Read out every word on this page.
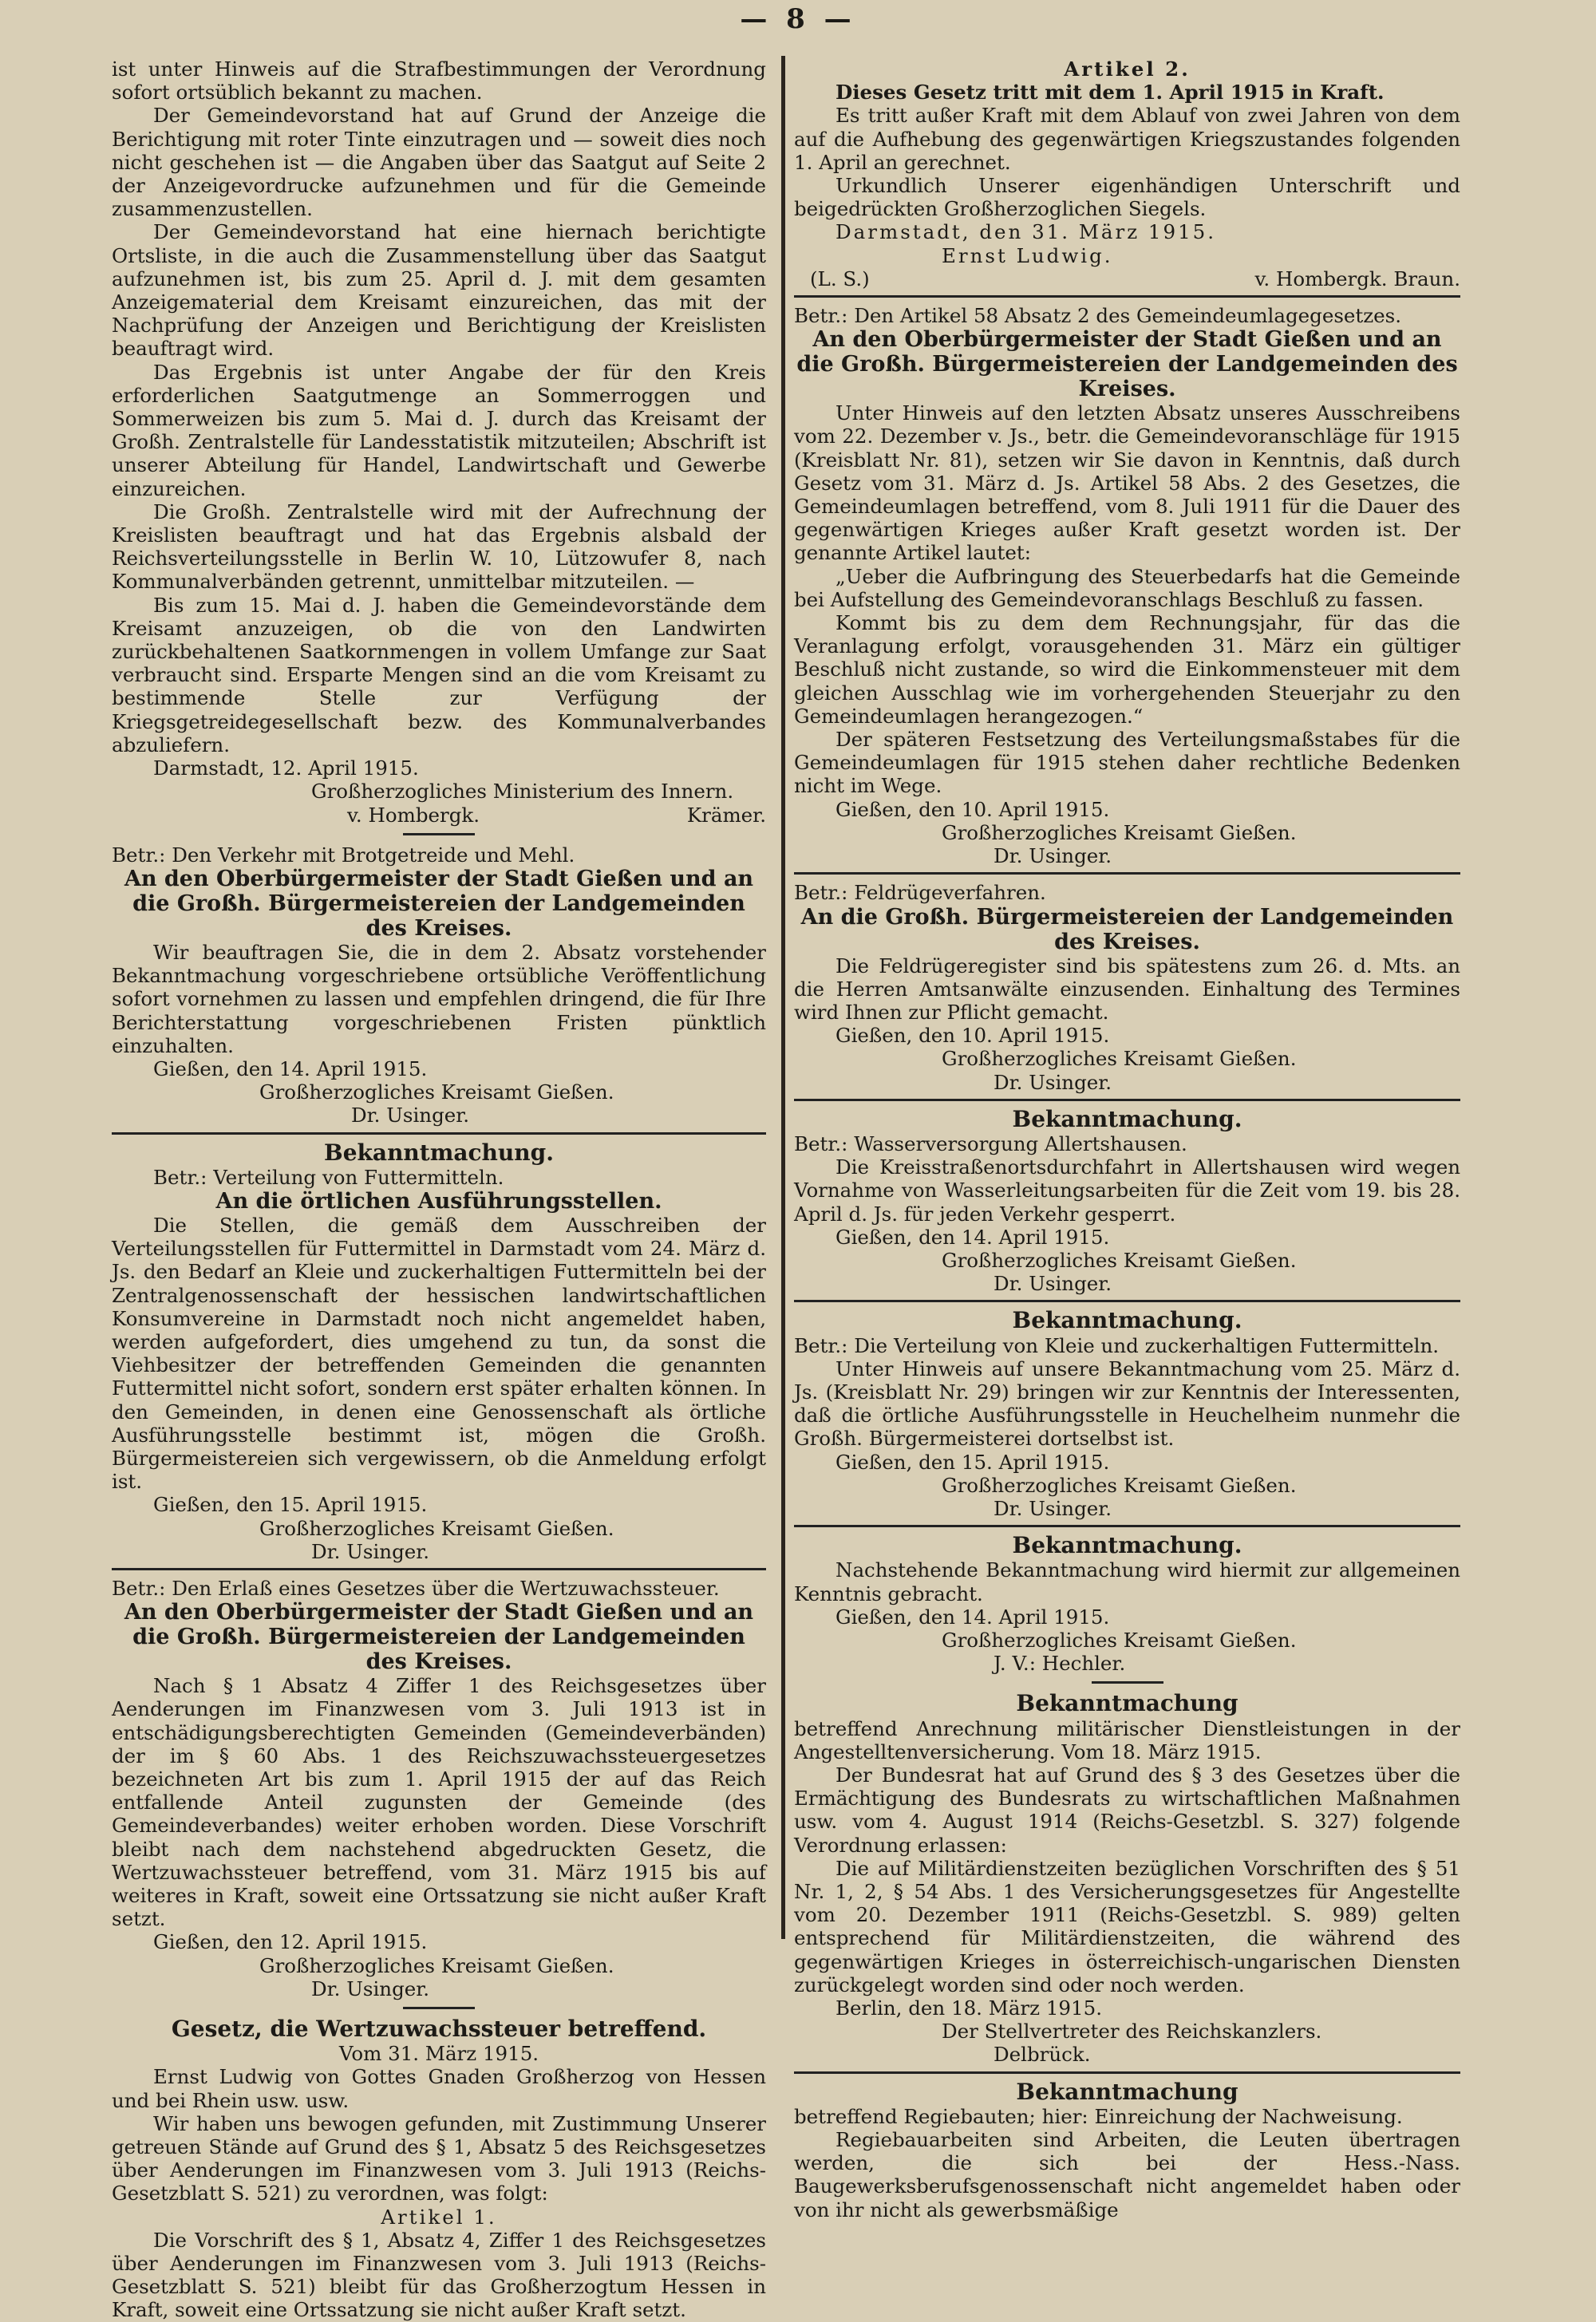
— 8 —

ist unter Hinweis auf die Strafbestimmungen der Verordnung sofort ortsüblich bekannt zu machen.

Der Gemeindevorstand hat auf Grund der Anzeige die Berichtigung mit roter Tinte einzutragen und — soweit dies noch nicht geschehen ist — die Angaben über das Saatgut auf Seite 2 der Anzeigevordrucke aufzunehmen und für die Gemeinde zusammenzustellen.

Der Gemeindevorstand hat eine hiernach berichtigte Ortsliste, in die auch die Zusammenstellung über das Saatgut aufzunehmen ist, bis zum 25. April d. J. mit dem gesamten Anzeigematerial dem Kreisamt einzureichen, das mit der Nachprüfung der Anzeigen und Berichtigung der Kreislisten beauftragt wird.

Das Ergebnis ist unter Angabe der für den Kreis erforderlichen Saatgutmenge an Sommerroggen und Sommerweizen bis zum 5. Mai d. J. durch das Kreisamt der Großh. Zentralstelle für Landesstatistik mitzuteilen; Abschrift ist unserer Abteilung für Handel, Landwirtschaft und Gewerbe einzureichen.

Die Großh. Zentralstelle wird mit der Aufrechnung der Kreislisten beauftragt und hat das Ergebnis alsbald der Reichsverteilungsstelle in Berlin W. 10, Lützowufer 8, nach Kommunalverbänden getrennt, unmittelbar mitzuteilen. —

Bis zum 15. Mai d. J. haben die Gemeindevorstände dem Kreisamt anzuzeigen, ob die von den Landwirten zurückbehaltenen Saatkornmengen in vollem Umfange zur Saat verbraucht sind. Ersparte Mengen sind an die vom Kreisamt zu bestimmende Stelle zur Verfügung der Kriegsgetreidegesellschaft bezw. des Kommunalverbandes abzuliefern.

Darmstadt, 12. April 1915.

Großherzogliches Ministerium des Innern.

v. Hombergk.	Krämer.

Betr.: Den Verkehr mit Brotgetreide und Mehl.

An den Oberbürgermeister der Stadt Gießen und an die Großh. Bürgermeistereien der Landgemeinden des Kreises.

Wir beauftragen Sie, die in dem 2. Absatz vorstehender Bekanntmachung vorgeschriebene ortsübliche Veröffentlichung sofort vornehmen zu lassen und empfehlen dringend, die für Ihre Berichterstattung vorgeschriebenen Fristen pünktlich einzuhalten.

Gießen, den 14. April 1915.

Großherzogliches Kreisamt Gießen.

Dr. Usinger.

Bekanntmachung.

Betr.: Verteilung von Futtermitteln.

An die örtlichen Ausführungsstellen.

Die Stellen, die gemäß dem Ausschreiben der Verteilungsstellen für Futtermittel in Darmstadt vom 24. März d. Js. den Bedarf an Kleie und zuckerhaltigen Futtermitteln bei der Zentralgenossenschaft der hessischen landwirtschaftlichen Konsumvereine in Darmstadt noch nicht angemeldet haben, werden aufgefordert, dies umgehend zu tun, da sonst die Viehbesitzer der betreffenden Gemeinden die genannten Futtermittel nicht sofort, sondern erst später erhalten können. In den Gemeinden, in denen eine Genossenschaft als örtliche Ausführungsstelle bestimmt ist, mögen die Großh. Bürgermeistereien sich vergewissern, ob die Anmeldung erfolgt ist.

Gießen, den 15. April 1915.

Großherzogliches Kreisamt Gießen.

Dr. Usinger.

Betr.: Den Erlaß eines Gesetzes über die Wertzuwachssteuer.

An den Oberbürgermeister der Stadt Gießen und an die Großh. Bürgermeistereien der Landgemeinden des Kreises.

Nach § 1 Absatz 4 Ziffer 1 des Reichsgesetzes über Aenderungen im Finanzwesen vom 3. Juli 1913 ist in entschädigungsberechtigten Gemeinden (Gemeindeverbänden) der im § 60 Abs. 1 des Reichszuwachssteuergesetzes bezeichneten Art bis zum 1. April 1915 der auf das Reich entfallende Anteil zugunsten der Gemeinde (des Gemeindeverbandes) weiter erhoben worden. Diese Vorschrift bleibt nach dem nachstehend abgedruckten Gesetz, die Wertzuwachssteuer betreffend, vom 31. März 1915 bis auf weiteres in Kraft, soweit eine Ortssatzung sie nicht außer Kraft setzt.

Gießen, den 12. April 1915.

Großherzogliches Kreisamt Gießen.

Dr. Usinger.

Gesetz, die Wertzuwachssteuer betreffend.

Vom 31. März 1915.

Ernst Ludwig von Gottes Gnaden Großherzog von Hessen und bei Rhein usw. usw.

Wir haben uns bewogen gefunden, mit Zustimmung Unserer getreuen Stände auf Grund des § 1, Absatz 5 des Reichsgesetzes über Aenderungen im Finanzwesen vom 3. Juli 1913 (Reichs-Gesetzblatt S. 521) zu verordnen, was folgt:

Artikel 1.

Die Vorschrift des § 1, Absatz 4, Ziffer 1 des Reichsgesetzes über Aenderungen im Finanzwesen vom 3. Juli 1913 (Reichs-Gesetzblatt S. 521) bleibt für das Großherzogtum Hessen in Kraft, soweit eine Ortssatzung sie nicht außer Kraft setzt.

Artikel 2.

Dieses Gesetz tritt mit dem 1. April 1915 in Kraft.

Es tritt außer Kraft mit dem Ablauf von zwei Jahren von dem auf die Aufhebung des gegenwärtigen Kriegszustandes folgenden 1. April an gerechnet.

Urkundlich Unserer eigenhändigen Unterschrift und beigedrückten Großherzoglichen Siegels.

Darmstadt, den 31. März 1915.

Ernst Ludwig.

(L. S.)	v. Hombergk. Braun.

Betr.: Den Artikel 58 Absatz 2 des Gemeindeumlagegesetzes.

An den Oberbürgermeister der Stadt Gießen und an die Großh. Bürgermeistereien der Landgemeinden des Kreises.

Unter Hinweis auf den letzten Absatz unseres Ausschreibens vom 22. Dezember v. Js., betr. die Gemeindevoranschläge für 1915 (Kreisblatt Nr. 81), setzen wir Sie davon in Kenntnis, daß durch Gesetz vom 31. März d. Js. Artikel 58 Abs. 2 des Gesetzes, die Gemeindeumlagen betreffend, vom 8. Juli 1911 für die Dauer des gegenwärtigen Krieges außer Kraft gesetzt worden ist. Der genannte Artikel lautet:

„Ueber die Aufbringung des Steuerbedarfs hat die Gemeinde bei Aufstellung des Gemeindevoranschlags Beschluß zu fassen.

Kommt bis zu dem dem Rechnungsjahr, für das die Veranlagung erfolgt, vorausgehenden 31. März ein gültiger Beschluß nicht zustande, so wird die Einkommensteuer mit dem gleichen Ausschlag wie im vorhergehenden Steuerjahr zu den Gemeindeumlagen herangezogen.“

Der späteren Festsetzung des Verteilungsmaßstabes für die Gemeindeumlagen für 1915 stehen daher rechtliche Bedenken nicht im Wege.

Gießen, den 10. April 1915.

Großherzogliches Kreisamt Gießen.

Dr. Usinger.

Betr.: Feldrügeverfahren.

An die Großh. Bürgermeistereien der Landgemeinden des Kreises.

Die Feldrügeregister sind bis spätestens zum 26. d. Mts. an die Herren Amtsanwälte einzusenden. Einhaltung des Termines wird Ihnen zur Pflicht gemacht.

Gießen, den 10. April 1915.

Großherzogliches Kreisamt Gießen.

Dr. Usinger.

Bekanntmachung.

Betr.: Wasserversorgung Allertshausen.

Die Kreisstraßenortsdurchfahrt in Allertshausen wird wegen Vornahme von Wasserleitungsarbeiten für die Zeit vom 19. bis 28. April d. Js. für jeden Verkehr gesperrt.

Gießen, den 14. April 1915.

Großherzogliches Kreisamt Gießen.

Dr. Usinger.

Bekanntmachung.

Betr.: Die Verteilung von Kleie und zuckerhaltigen Futtermitteln.

Unter Hinweis auf unsere Bekanntmachung vom 25. März d. Js. (Kreisblatt Nr. 29) bringen wir zur Kenntnis der Interessenten, daß die örtliche Ausführungsstelle in Heuchelheim nunmehr die Großh. Bürgermeisterei dortselbst ist.

Gießen, den 15. April 1915.

Großherzogliches Kreisamt Gießen.

Dr. Usinger.

Bekanntmachung.

Nachstehende Bekanntmachung wird hiermit zur allgemeinen Kenntnis gebracht.

Gießen, den 14. April 1915.

Großherzogliches Kreisamt Gießen.

J. V.: Hechler.

Bekanntmachung

betreffend Anrechnung militärischer Dienstleistungen in der Angestelltenversicherung. Vom 18. März 1915.

Der Bundesrat hat auf Grund des § 3 des Gesetzes über die Ermächtigung des Bundesrats zu wirtschaftlichen Maßnahmen usw. vom 4. August 1914 (Reichs-Gesetzbl. S. 327) folgende Verordnung erlassen:

Die auf Militärdienstzeiten bezüglichen Vorschriften des § 51 Nr. 1, 2, § 54 Abs. 1 des Versicherungsgesetzes für Angestellte vom 20. Dezember 1911 (Reichs-Gesetzbl. S. 989) gelten entsprechend für Militärdienstzeiten, die während des gegenwärtigen Krieges in österreichisch-ungarischen Diensten zurückgelegt worden sind oder noch werden.

Berlin, den 18. März 1915.

Der Stellvertreter des Reichskanzlers.

Delbrück.

Bekanntmachung

betreffend Regiebauten; hier: Einreichung der Nachweisung.

Regiebauarbeiten sind Arbeiten, die Leuten übertragen werden, die sich bei der Hess.-Nass. Baugewerksberufsgenossenschaft nicht angemeldet haben oder von ihr nicht als gewerbsmäßige
